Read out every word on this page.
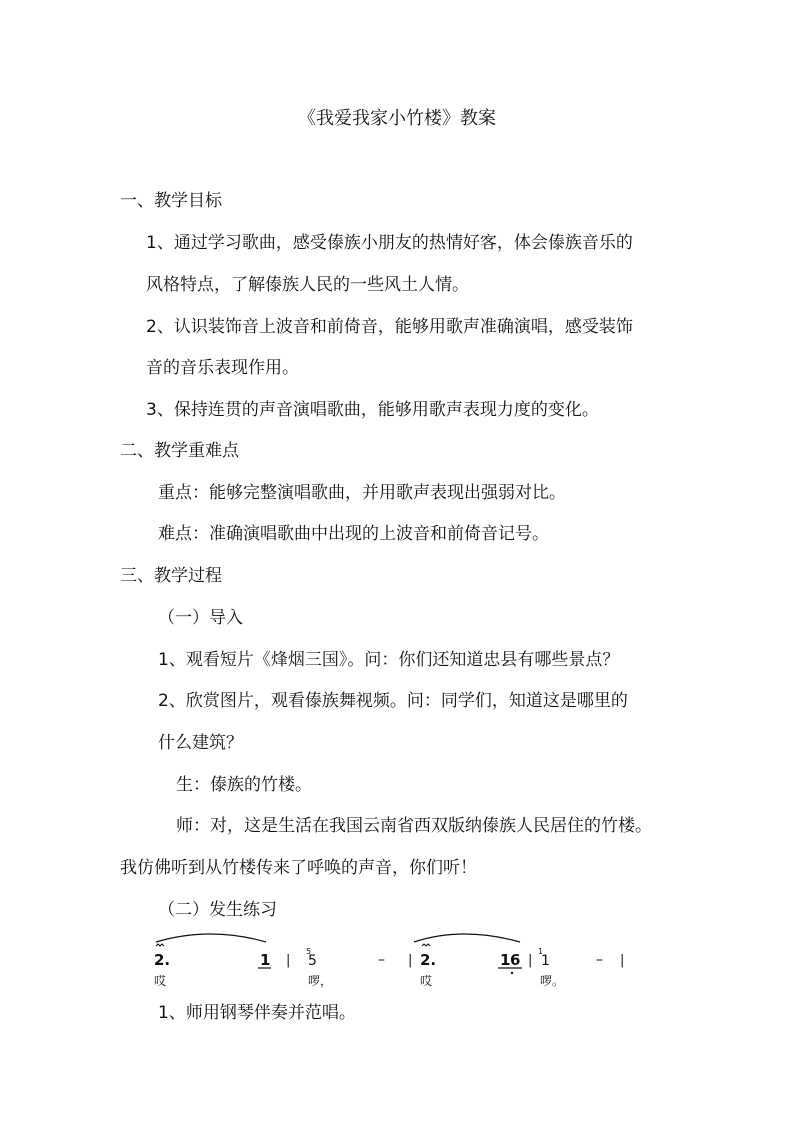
《我爱我家小竹楼》教案
一、教学目标
1、通过学习歌曲，感受傣族小朋友的热情好客，体会傣族音乐的
风格特点，了解傣族人民的一些风土人情。
2、认识装饰音上波音和前倚音，能够用歌声准确演唱，感受装饰
音的音乐表现作用。
3、保持连贯的声音演唱歌曲，能够用歌声表现力度的变化。
二、教学重难点
重点：能够完整演唱歌曲，并用歌声表现出强弱对比。
难点：准确演唱歌曲中出现的上波音和前倚音记号。
三、教学过程
（一）导入
1、观看短片《烽烟三国》。问：你们还知道忠县有哪些景点？
2、欣赏图片，观看傣族舞视频。问：同学们，知道这是哪里的
什么建筑？
生：傣族的竹楼。
师：对，这是生活在我国云南省西双版纳傣族人民居住的竹楼。
我仿佛听到从竹楼传来了呼唤的声音，你们听！
（二）发生练习
2.	1 |
5
5	– | 2.	1 6 |
1
1	– |
哎	啰，	哎	啰。
1、师用钢琴伴奏并范唱。
